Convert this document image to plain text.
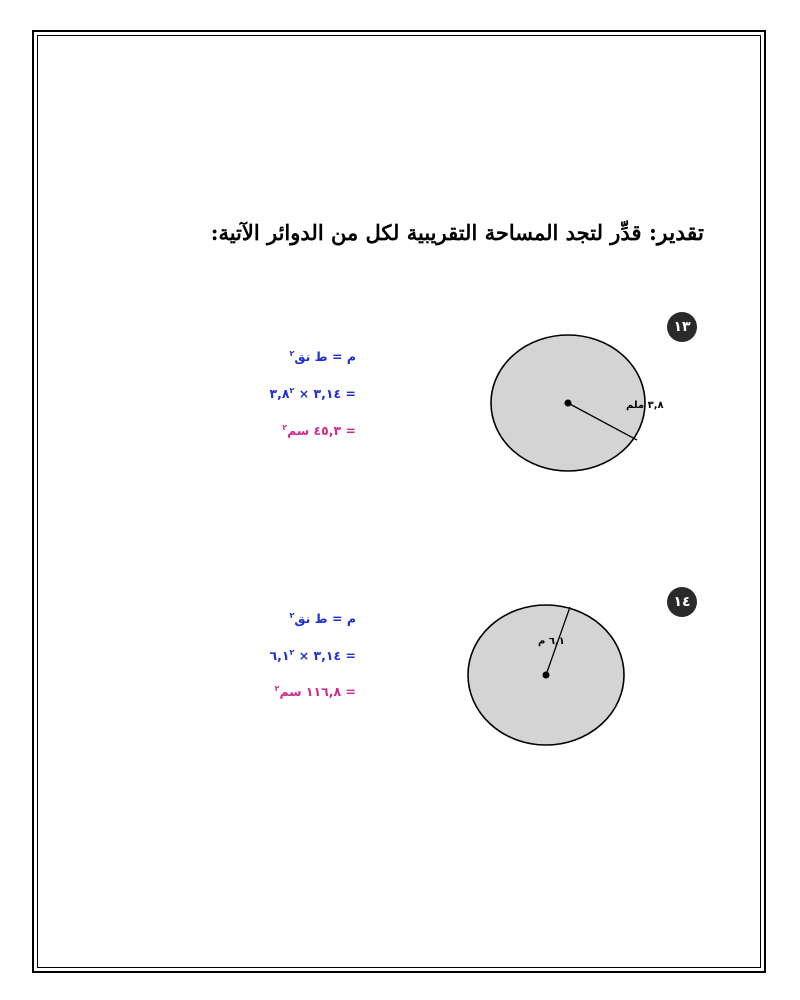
تقدير: قدِّر لتجد المساحة التقريبية لكل من الدوائر الآتية:
١٣
م = ط نق$^٢$
= ٣,١٤ × $٣,٨^٢$
= ٤٥,٣ سم$^٢$
١٤
م = ط نق$^٢$
= ٣,١٤ × $٦,١^٢$
= ١١٦,٨ سم$^٢$
٣,٨ ملم
٦,١ م
